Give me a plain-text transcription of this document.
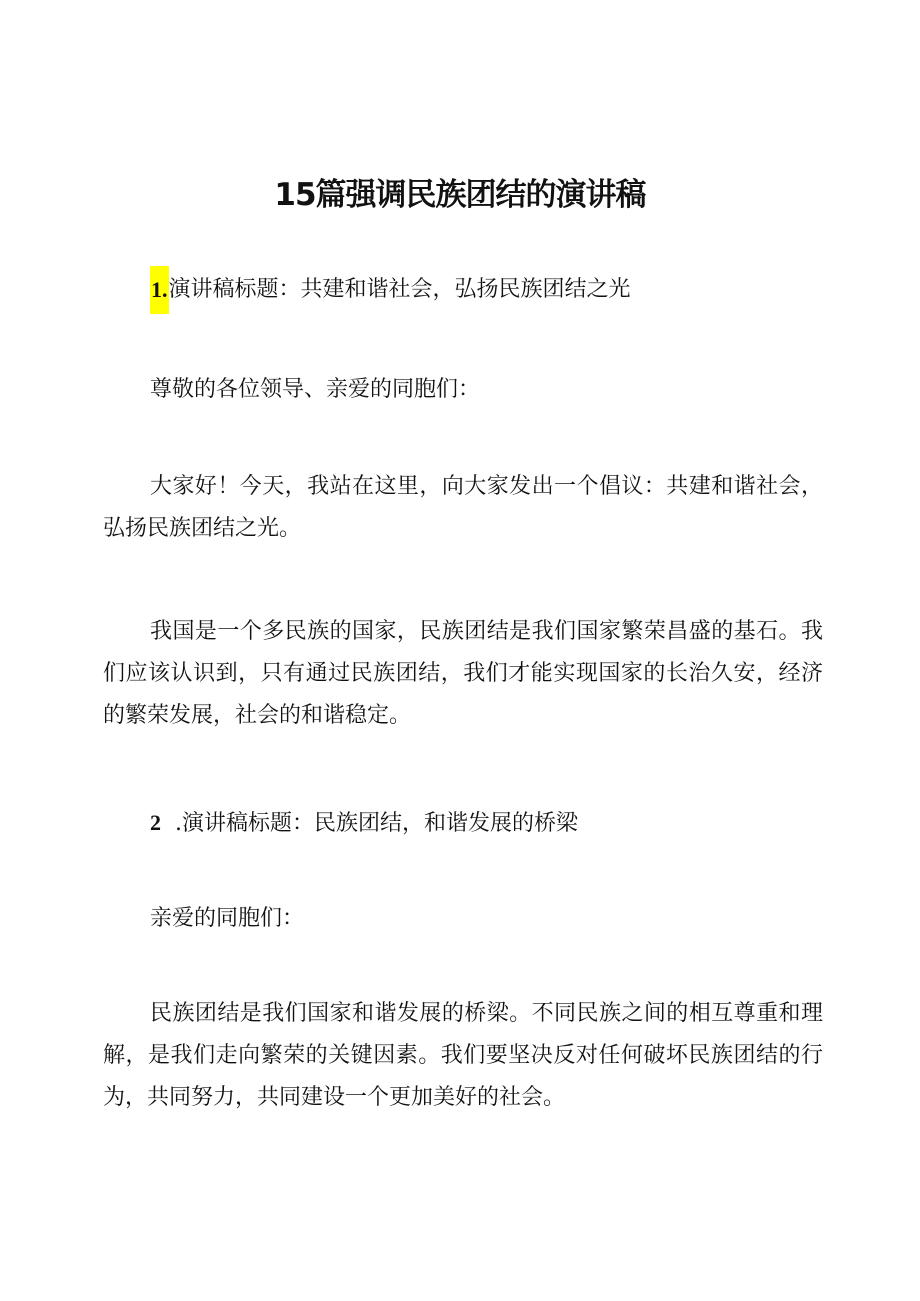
15篇强调民族团结的演讲稿

1.演讲稿标题：共建和谐社会，弘扬民族团结之光

尊敬的各位领导、亲爱的同胞们：

大家好！今天，我站在这里，向大家发出一个倡议：共建和谐社会，弘扬民族团结之光。

我国是一个多民族的国家，民族团结是我们国家繁荣昌盛的基石。我们应该认识到，只有通过民族团结，我们才能实现国家的长治久安，经济的繁荣发展，社会的和谐稳定。

2 .演讲稿标题：民族团结，和谐发展的桥梁

亲爱的同胞们：

民族团结是我们国家和谐发展的桥梁。不同民族之间的相互尊重和理解，是我们走向繁荣的关键因素。我们要坚决反对任何破坏民族团结的行为，共同努力，共同建设一个更加美好的社会。
